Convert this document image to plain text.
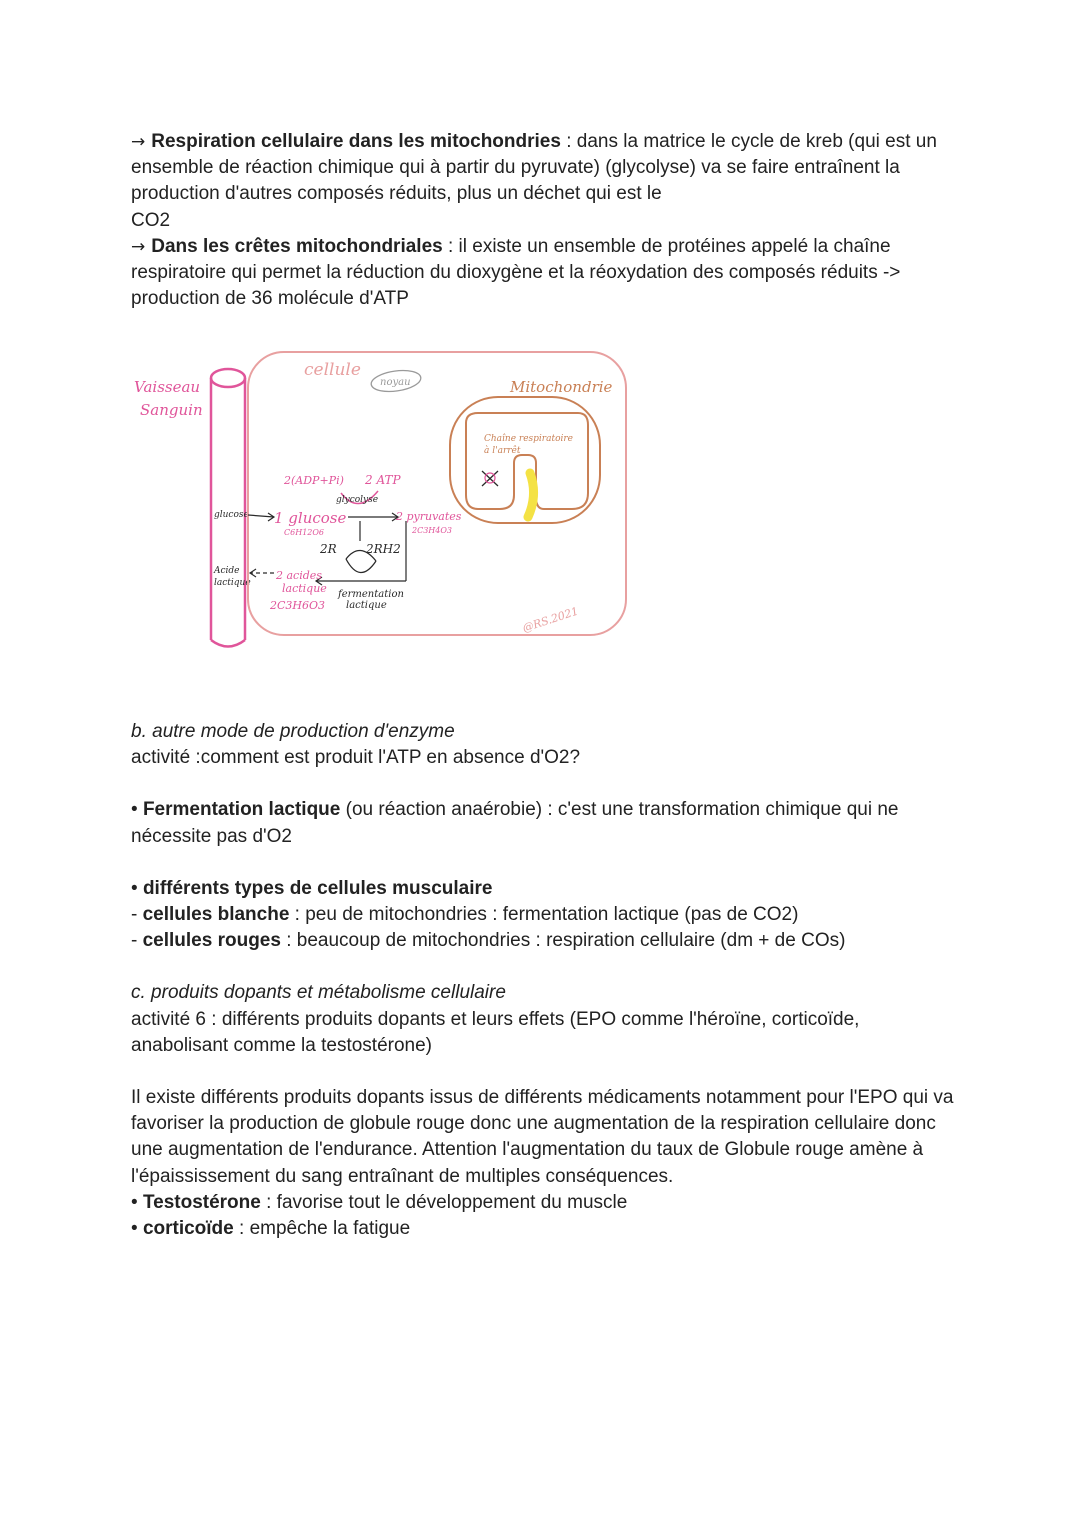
→ Respiration cellulaire dans les mitochondries : dans la matrice le cycle de kreb (qui est un ensemble de réaction chimique qui à partir du pyruvate) (glycolyse) va se faire entraînent la production d'autres composés réduits, plus un déchet qui est le
CO2

→ Dans les crêtes mitochondriales : il existe un ensemble de protéines appelé la chaîne respiratoire qui permet la réduction du dioxygène et la réoxydation des composés réduits -> production de 36 molécule d'ATP

Vaisseau
Sanguin
glucose
Acide
lactique
cellule
noyau	Mitochondrie
Chaîne respiratoire
à l'arrêt
2(ADP+Pi) 2 ATP
glycolyse
1 glucose
C6H12O6
2 pyruvates
2C3H4O3
2R 2RH2
fermentation
lactique
2 acides
lactique
2C3H6O3	@RS.2021

b. autre mode de production d'enzyme

activité :comment est produit l'ATP en absence d'O2?

• Fermentation lactique (ou réaction anaérobie) : c'est une transformation chimique qui ne nécessite pas d'O2

• différents types de cellules musculaire

- cellules blanche : peu de mitochondries : fermentation lactique (pas de CO2)

- cellules rouges : beaucoup de mitochondries : respiration cellulaire (dm + de COs)

c. produits dopants et métabolisme cellulaire

activité 6 : différents produits dopants et leurs effets (EPO comme l'héroïne, corticoïde, anabolisant comme la testostérone)

Il existe différents produits dopants issus de différents médicaments notamment pour l'EPO qui va favoriser la production de globule rouge donc une augmentation de la respiration cellulaire donc une augmentation de l'endurance. Attention l'augmentation du taux de Globule rouge amène à l'épaississement du sang entraînant de multiples conséquences.

• Testostérone : favorise tout le développement du muscle

• corticoïde : empêche la fatigue
